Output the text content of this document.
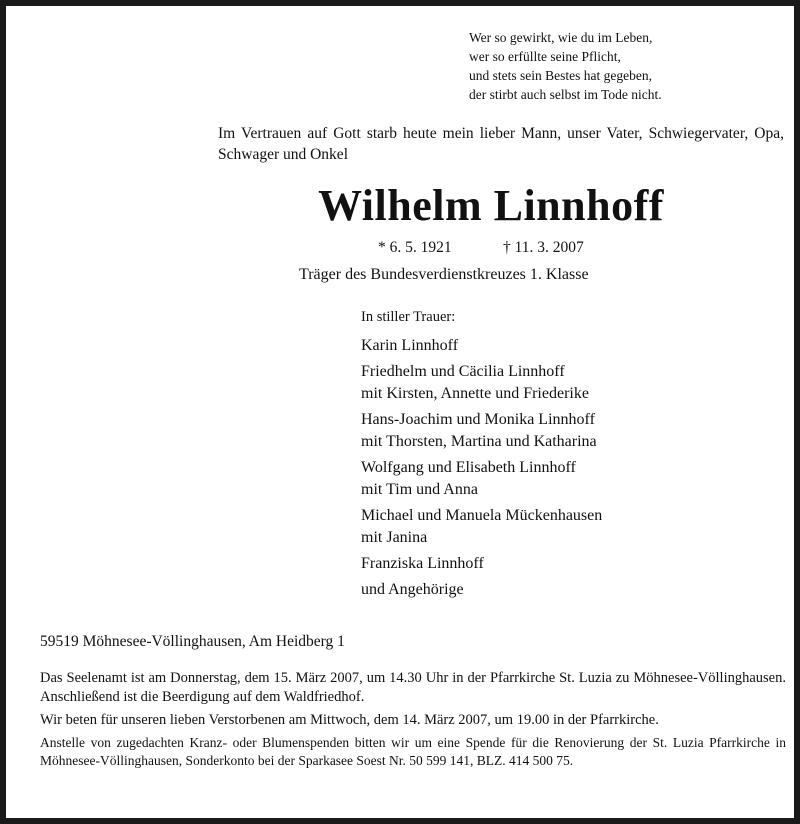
Wer so gewirkt, wie du im Leben,
wer so erfüllte seine Pflicht,
und stets sein Bestes hat gegeben,
der stirbt auch selbst im Tode nicht.
Im Vertrauen auf Gott starb heute mein lieber Mann, unser Vater, Schwiegervater, Opa, Schwager und Onkel
Wilhelm Linnhoff
* 6. 5. 1921	† 11. 3. 2007
Träger des Bundesverdienstkreuzes 1. Klasse
In stiller Trauer:
Karin Linnhoff
Friedhelm und Cäcilia Linnhoff
mit Kirsten, Annette und Friederike
Hans-Joachim und Monika Linnhoff
mit Thorsten, Martina und Katharina
Wolfgang und Elisabeth Linnhoff
mit Tim und Anna
Michael und Manuela Mückenhausen
mit Janina
Franziska Linnhoff
und Angehörige
59519 Möhnesee-Völlinghausen, Am Heidberg 1

Das Seelenamt ist am Donnerstag, dem 15. März 2007, um 14.30 Uhr in der Pfarrkirche St. Luzia zu Möhnesee-Völlinghausen. Anschließend ist die Beerdigung auf dem Waldfriedhof.

Wir beten für unseren lieben Verstorbenen am Mittwoch, dem 14. März 2007, um 19.00 in der Pfarrkirche.

Anstelle von zugedachten Kranz- oder Blumenspenden bitten wir um eine Spende für die Renovierung der St. Luzia Pfarrkirche in Möhnesee-Völlinghausen, Sonderkonto bei der Sparkasee Soest Nr. 50 599 141, BLZ. 414 500 75.
